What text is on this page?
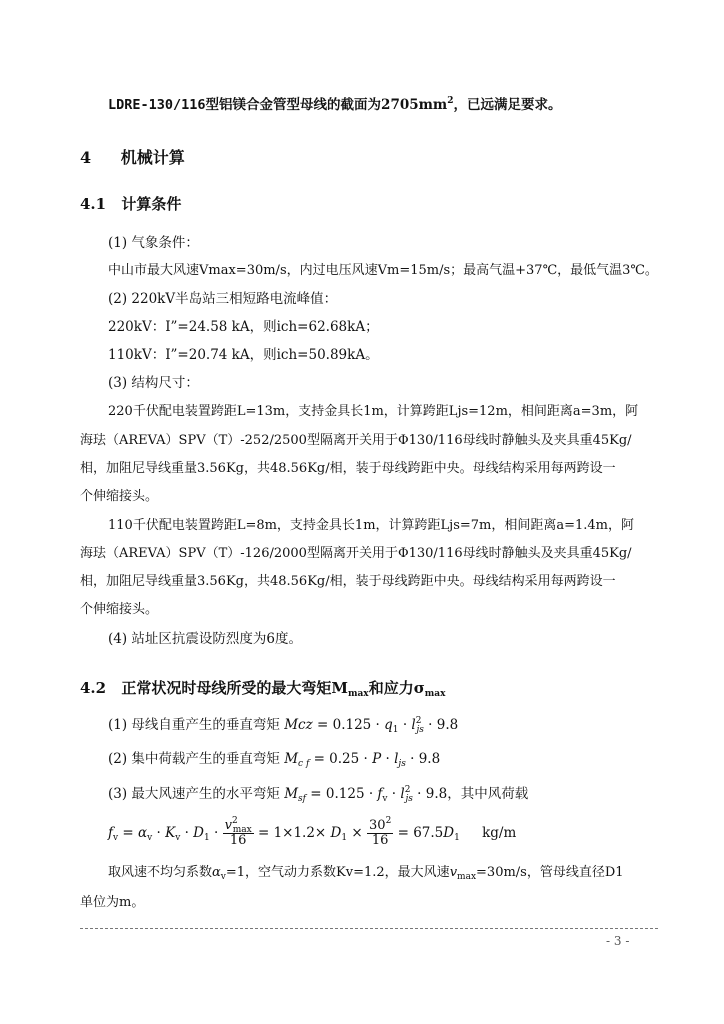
LDRE-130/116型铝镁合金管型母线的截面为$2705mm^2$，已远满足要求。
4 机械计算
4.1 计算条件
(1) 气象条件：
中山市最大风速Vmax=30m/s，内过电压风速Vm=15m/s；最高气温+37℃，最低气温3℃。
(2) 220kV半岛站三相短路电流峰值：
220kV：I”=24.58 kA，则ich=62.68kA；
110kV：I”=20.74 kA，则ich=50.89kA。
(3) 结构尺寸：
220千伏配电装置跨距L=13m，支持金具长1m，计算跨距Ljs=12m，相间距离a=3m，阿
海珐（AREVA）SPV（T）-252/2500型隔离开关用于Φ130/116母线时静触头及夹具重45Kg/
相，加阻尼导线重量3.56Kg，共48.56Kg/相，装于母线跨距中央。母线结构采用每两跨设一
个伸缩接头。
110千伏配电装置跨距L=8m，支持金具长1m，计算跨距Ljs=7m，相间距离a=1.4m，阿
海珐（AREVA）SPV（T）-126/2000型隔离开关用于Φ130/116母线时静触头及夹具重45Kg/
相，加阻尼导线重量3.56Kg，共48.56Kg/相，装于母线跨距中央。母线结构采用每两跨设一
个伸缩接头。
(4) 站址区抗震设防烈度为6度。
4.2 正常状况时母线所受的最大弯矩$M_{max}$和应力$\sigma_{max}$
(1) 母线自重产生的垂直弯矩 Mcz = $0.125 \cdot q_1 \cdot l^2_{js} \cdot 9.8$
(2) 集中荷载产生的垂直弯矩 $M_{c f} = 0.25 \cdot P \cdot l_{js} \cdot 9.8$
(3) 最大风速产生的水平弯矩 $M_{sf} = 0.125 \cdot f_v \cdot l^2_{js} \cdot 9.8$，其中风荷载
$f_v = \alpha_v \cdot K_v \cdot D_1 \cdot \frac{v^2_{max}}{16} = 1\times 1.2\times D_1 \times \frac{30^2}{16} = 67.5D_1$ kg/m
取风速不均匀系数$\alpha_v=1$，空气动力系数Kv=1.2，最大风速$v_{max}=30m/s$，管母线直径D1
单位为m。
- 3 -
